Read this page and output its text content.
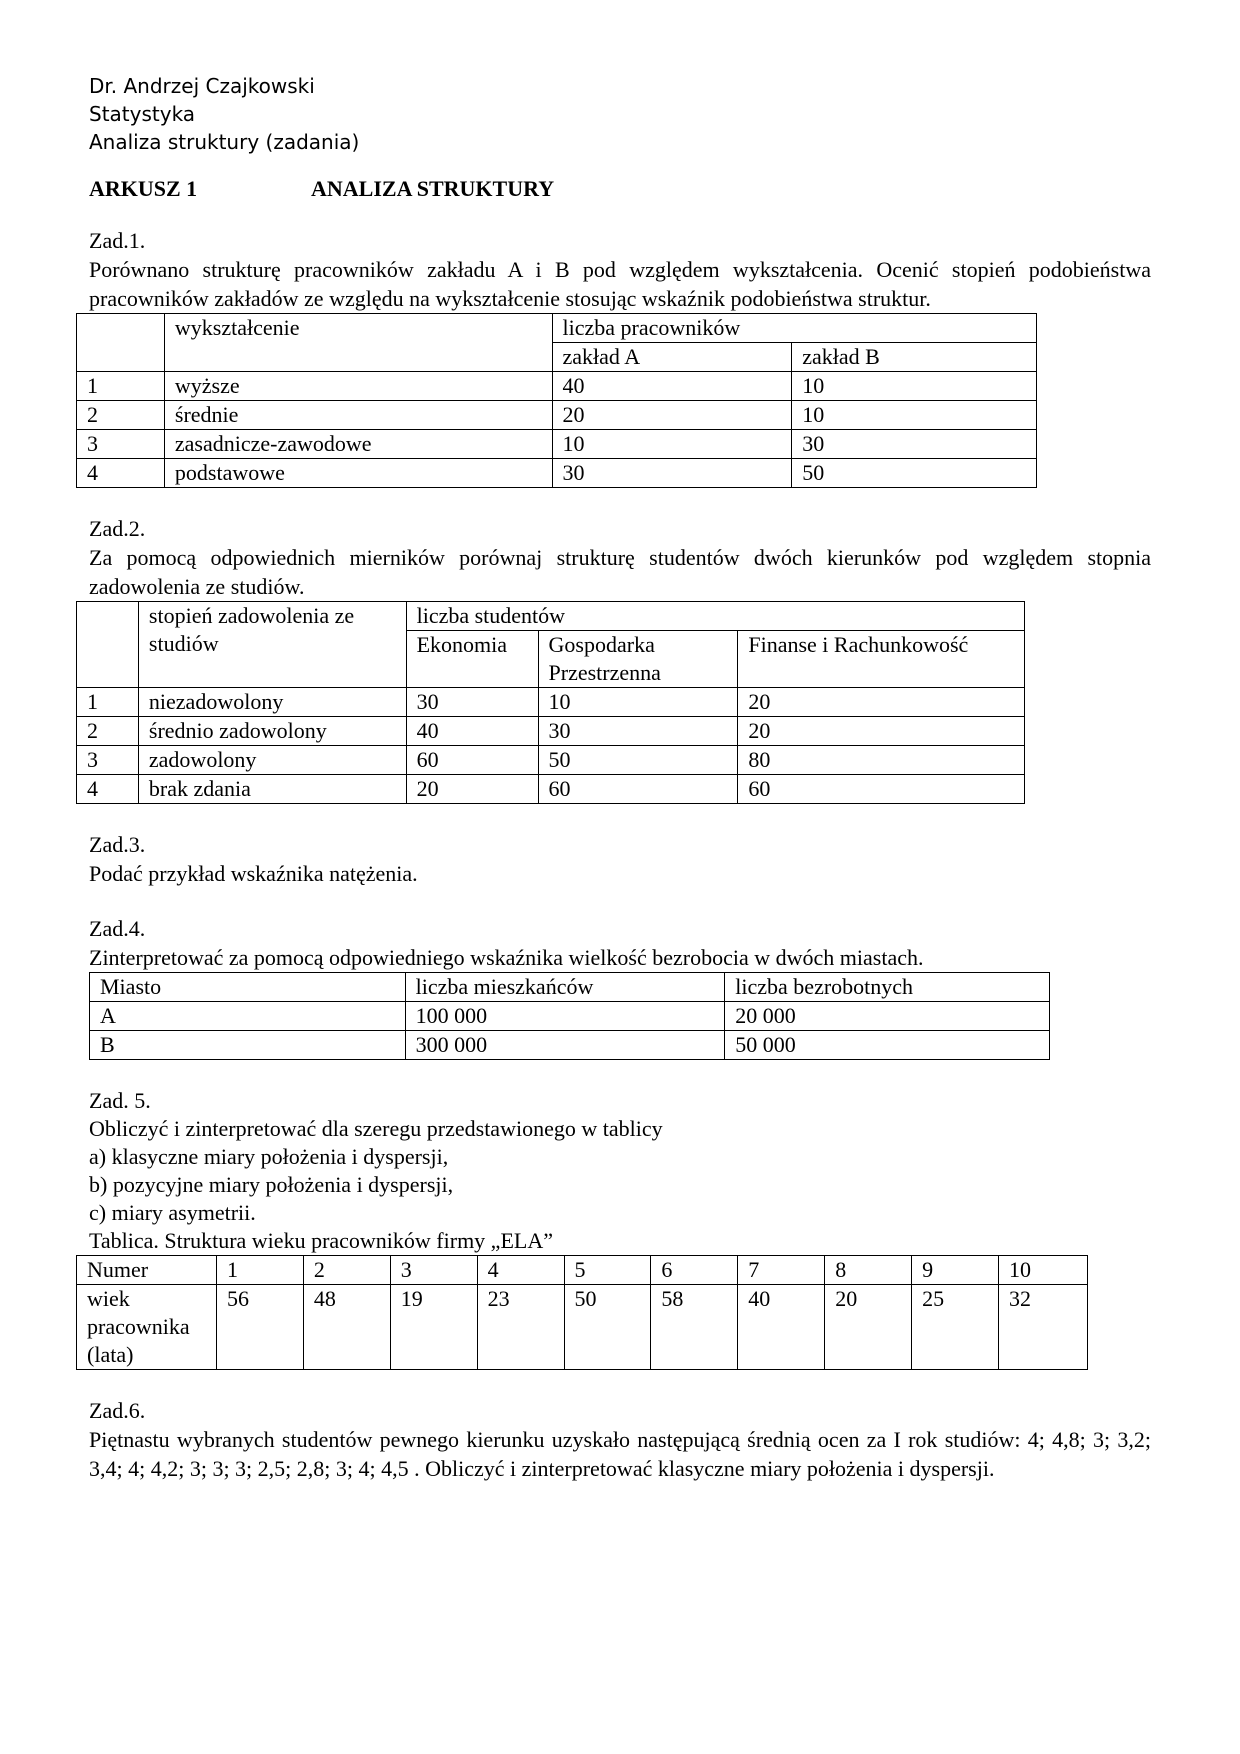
Dr. Andrzej Czajkowski
Statystyka
Analiza struktury (zadania)
ARKUSZ 1	ANALIZA STRUKTURY
Zad.1.
Porównano strukturę pracowników zakładu A i B pod względem wykształcenia. Ocenić stopień podobieństwa pracowników zakładów ze względu na wykształcenie stosując wskaźnik podobieństwa struktur.
	wykształcenie	liczba pracowników	
		zakład A	zakład B
1	wyższe	40	10
2	średnie	20	10
3	zasadnicze-zawodowe	10	30
4	podstawowe	30	50
Zad.2.
Za pomocą odpowiednich mierników porównaj strukturę studentów dwóch kierunków pod względem stopnia zadowolenia ze studiów.
	stopień zadowolenia ze studiów	liczba studentów		
		Ekonomia	Gospodarka Przestrzenna	Finanse i Rachunkowość
1	niezadowolony	30	10	20
2	średnio zadowolony	40	30	20
3	zadowolony	60	50	80
4	brak zdania	20	60	60
Zad.3.
Podać przykład wskaźnika natężenia.
Zad.4.
Zinterpretować za pomocą odpowiedniego wskaźnika wielkość bezrobocia w dwóch miastach.
Miasto	liczba mieszkańców	liczba bezrobotnych
A	100 000	20 000
B	300 000	50 000
Zad. 5.
Obliczyć i zinterpretować dla szeregu przedstawionego w tablicy
a) klasyczne miary położenia i dyspersji,
b) pozycyjne miary położenia i dyspersji,
c) miary asymetrii.
Tablica. Struktura wieku pracowników firmy „ELA”
Numer	1	2	3	4	5	6	7	8	9	10
wiek pracownika (lata)	56	48	19	23	50	58	40	20	25	32
Zad.6.
Piętnastu wybranych studentów pewnego kierunku uzyskało następującą średnią ocen za I rok studiów: 4; 4,8; 3; 3,2; 3,4; 4; 4,2; 3; 3; 3; 2,5; 2,8; 3; 4; 4,5 . Obliczyć i zinterpretować klasyczne miary położenia i dyspersji.
